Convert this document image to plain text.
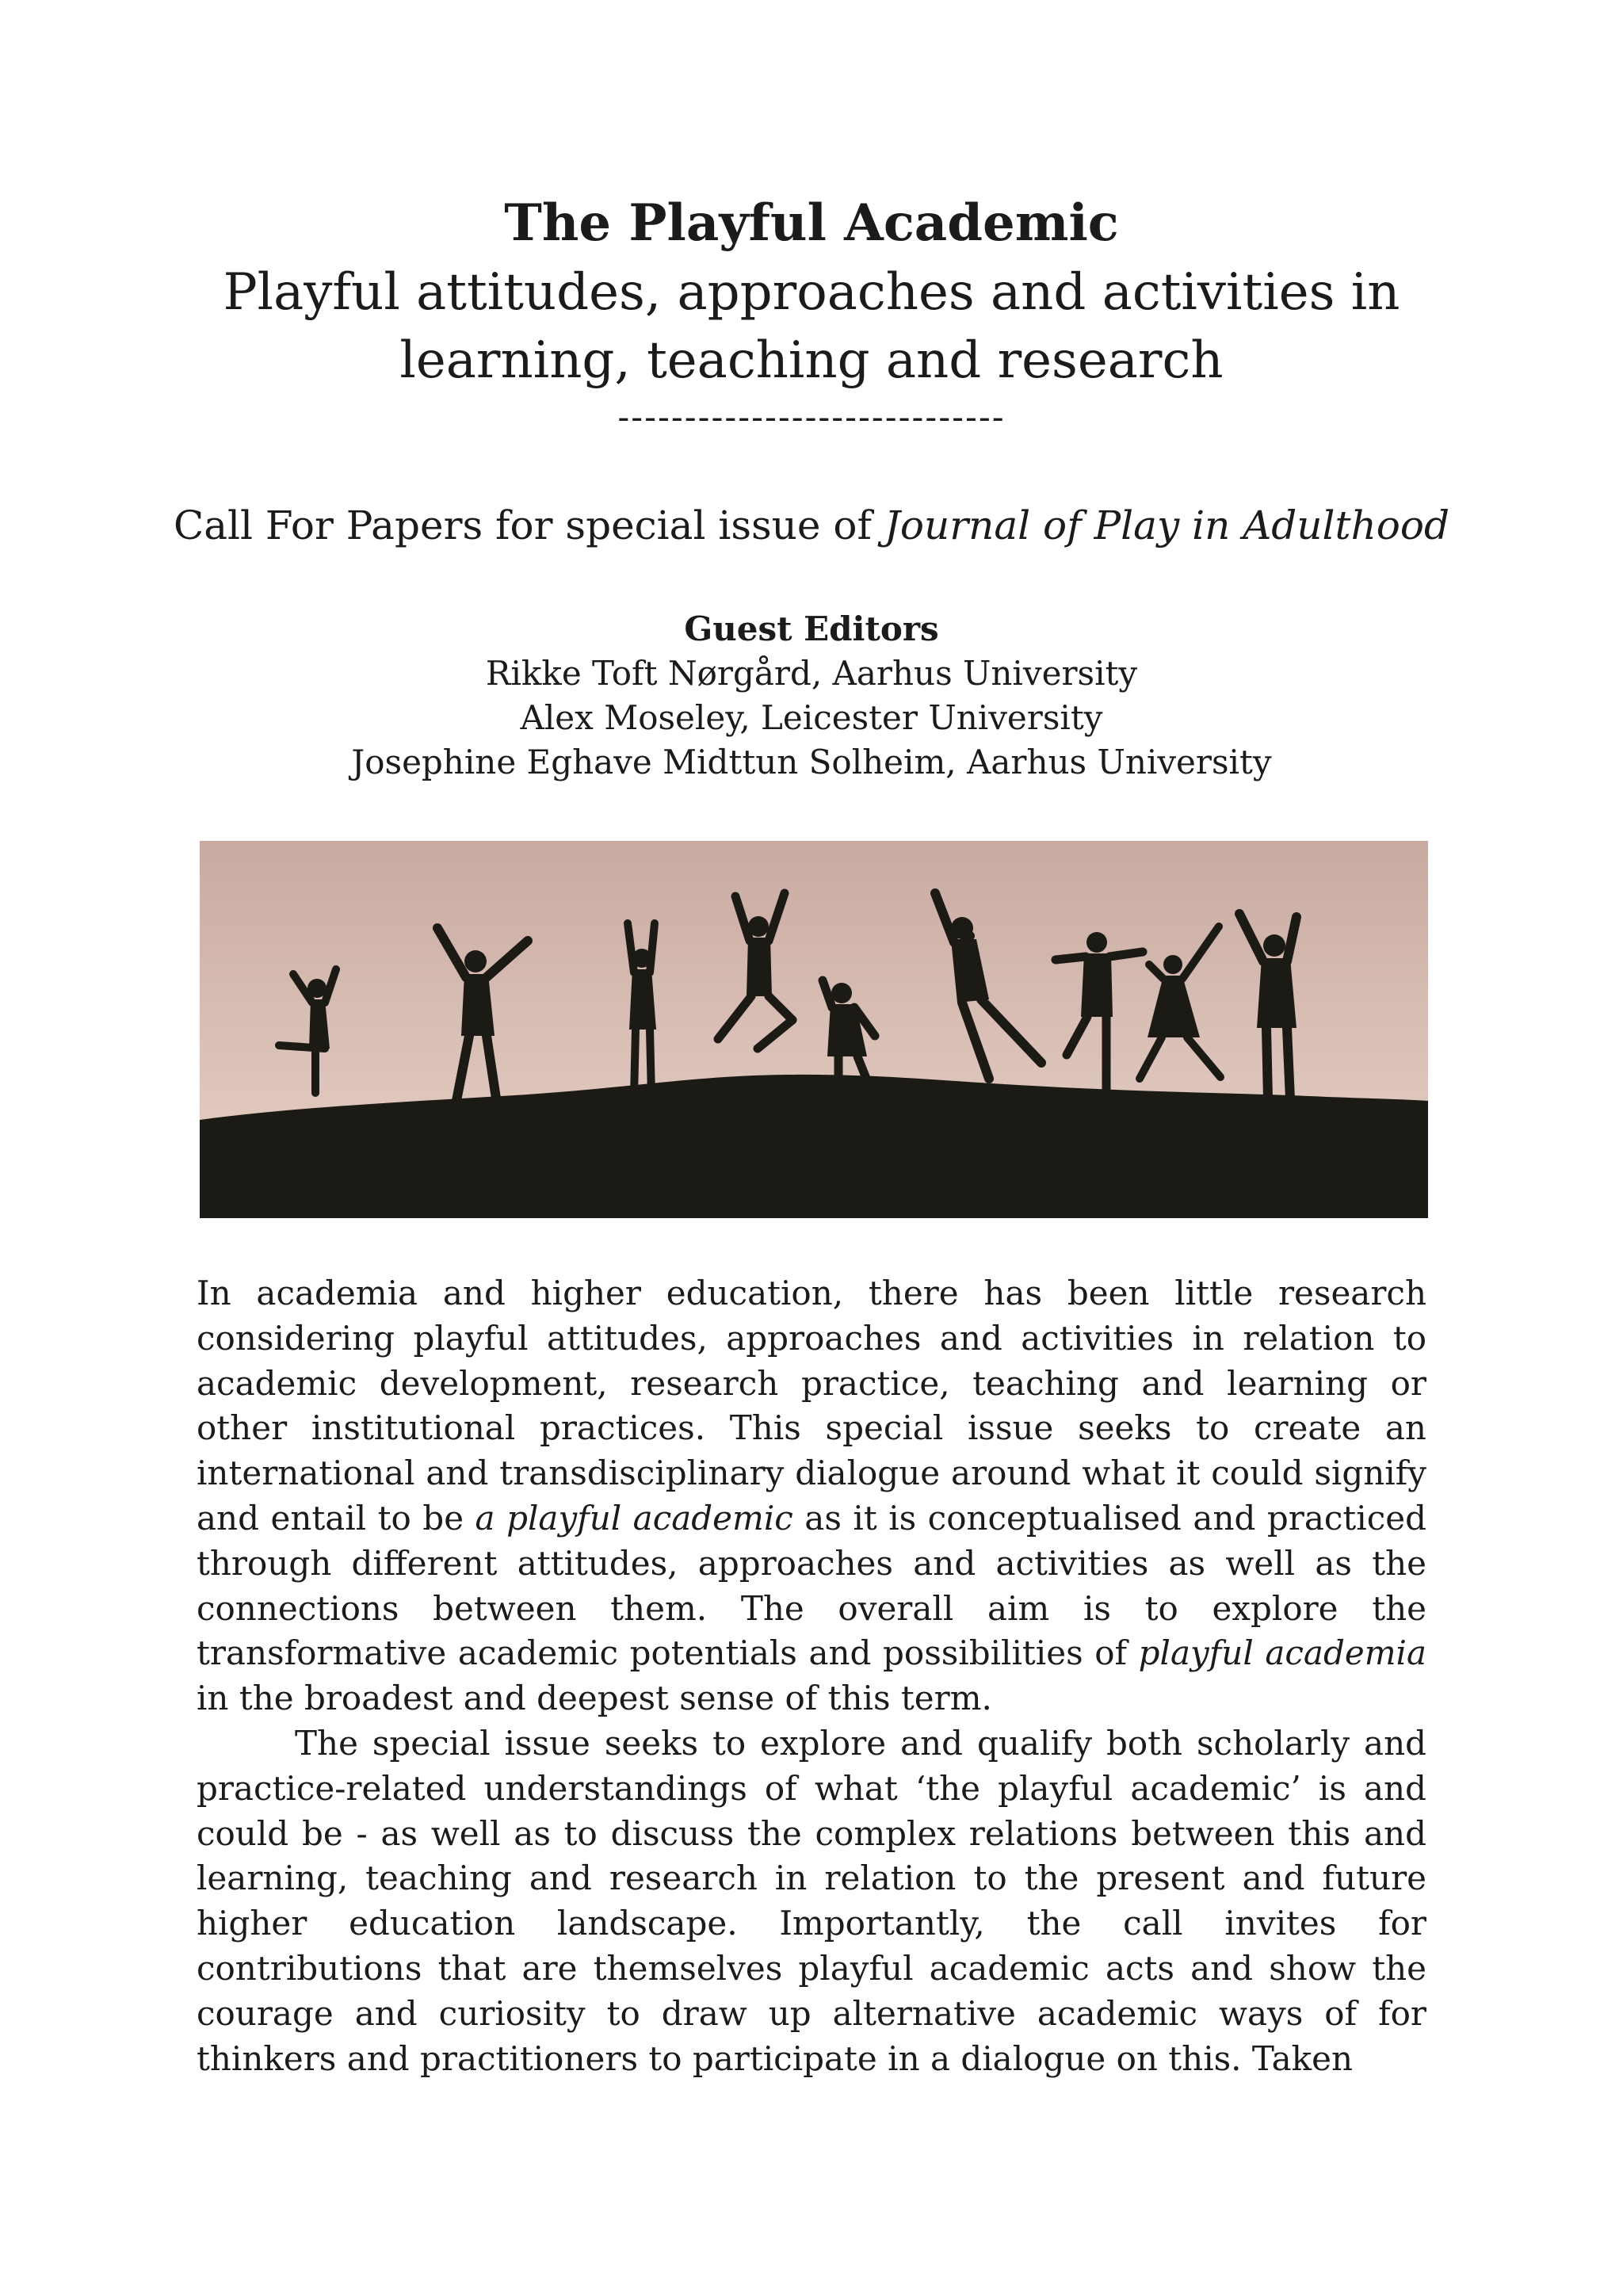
The Playful Academic

Playful attitudes, approaches and activities in learning, teaching and research

-----------------------------

Call For Papers for special issue of Journal of Play in Adulthood
Guest Editors
Rikke Toft Nørgård, Aarhus University
Alex Moseley, Leicester University
Josephine Eghave Midttun Solheim, Aarhus University

In academia and higher education, there has been little research considering playful attitudes, approaches and activities in relation to academic development, research practice, teaching and learning or other institutional practices. This special issue seeks to create an international and transdisciplinary dialogue around what it could signify and entail to be a playful academic as it is conceptualised and practiced through different attitudes, approaches and activities as well as the connections between them. The overall aim is to explore the transformative academic potentials and possibilities of playful academia in the broadest and deepest sense of this term.

The special issue seeks to explore and qualify both scholarly and practice-related understandings of what ‘the playful academic’ is and could be - as well as to discuss the complex relations between this and learning, teaching and research in relation to the present and future higher education landscape. Importantly, the call invites for contributions that are themselves playful academic acts and show the courage and curiosity to draw up alternative academic ways of for thinkers and practitioners to participate in a dialogue on this. Taken
